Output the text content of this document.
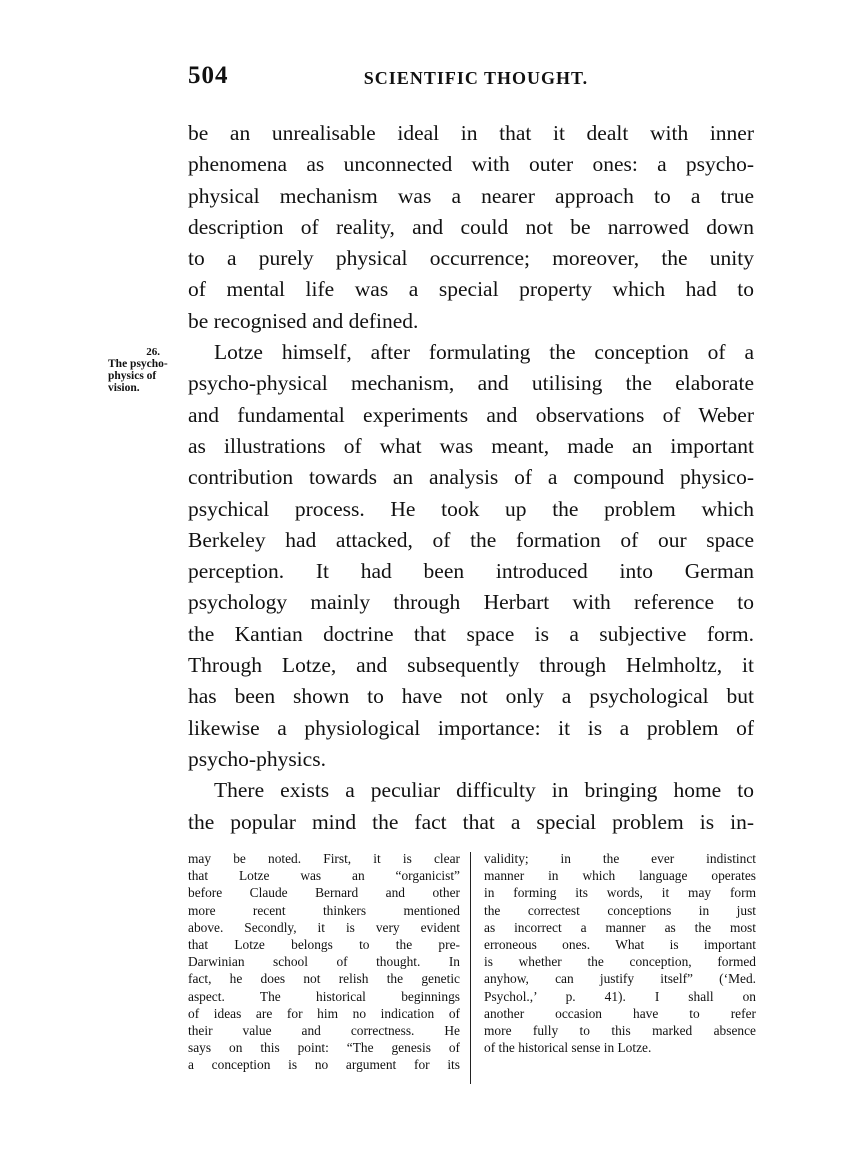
504	SCIENTIFIC THOUGHT.
26.
The psycho-
physics of
vision.

be an unrealisable ideal in that it dealt with inner
phenomena as unconnected with outer ones: a psycho-
physical mechanism was a nearer approach to a true
description of reality, and could not be narrowed down
to a purely physical occurrence; moreover, the unity
of mental life was a special property which had to
be recognised and defined.

Lotze himself, after formulating the conception of a
psycho-physical mechanism, and utilising the elaborate
and fundamental experiments and observations of Weber
as illustrations of what was meant, made an important
contribution towards an analysis of a compound physico-
psychical process. He took up the problem which
Berkeley had attacked, of the formation of our space
perception. It had been introduced into German
psychology mainly through Herbart with reference to
the Kantian doctrine that space is a subjective form.
Through Lotze, and subsequently through Helmholtz, it
has been shown to have not only a psychological but
likewise a physiological importance: it is a problem of
psycho-physics.

There exists a peculiar difficulty in bringing home to
the popular mind the fact that a special problem is in-

may be noted. First, it is clear
that Lotze was an “organicist”
before Claude Bernard and other
more recent thinkers mentioned
above. Secondly, it is very evident
that Lotze belongs to the pre-
Darwinian school of thought. In
fact, he does not relish the genetic
aspect. The historical beginnings
of ideas are for him no indication of
their value and correctness. He
says on this point: “The genesis of
a conception is no argument for its
validity; in the ever indistinct
manner in which language operates
in forming its words, it may form
the correctest conceptions in just
as incorrect a manner as the most
erroneous ones. What is important
is whether the conception, formed
anyhow, can justify itself” (‘Med.
Psychol.,’ p. 41). I shall on
another occasion have to refer
more fully to this marked absence
of the historical sense in Lotze.
